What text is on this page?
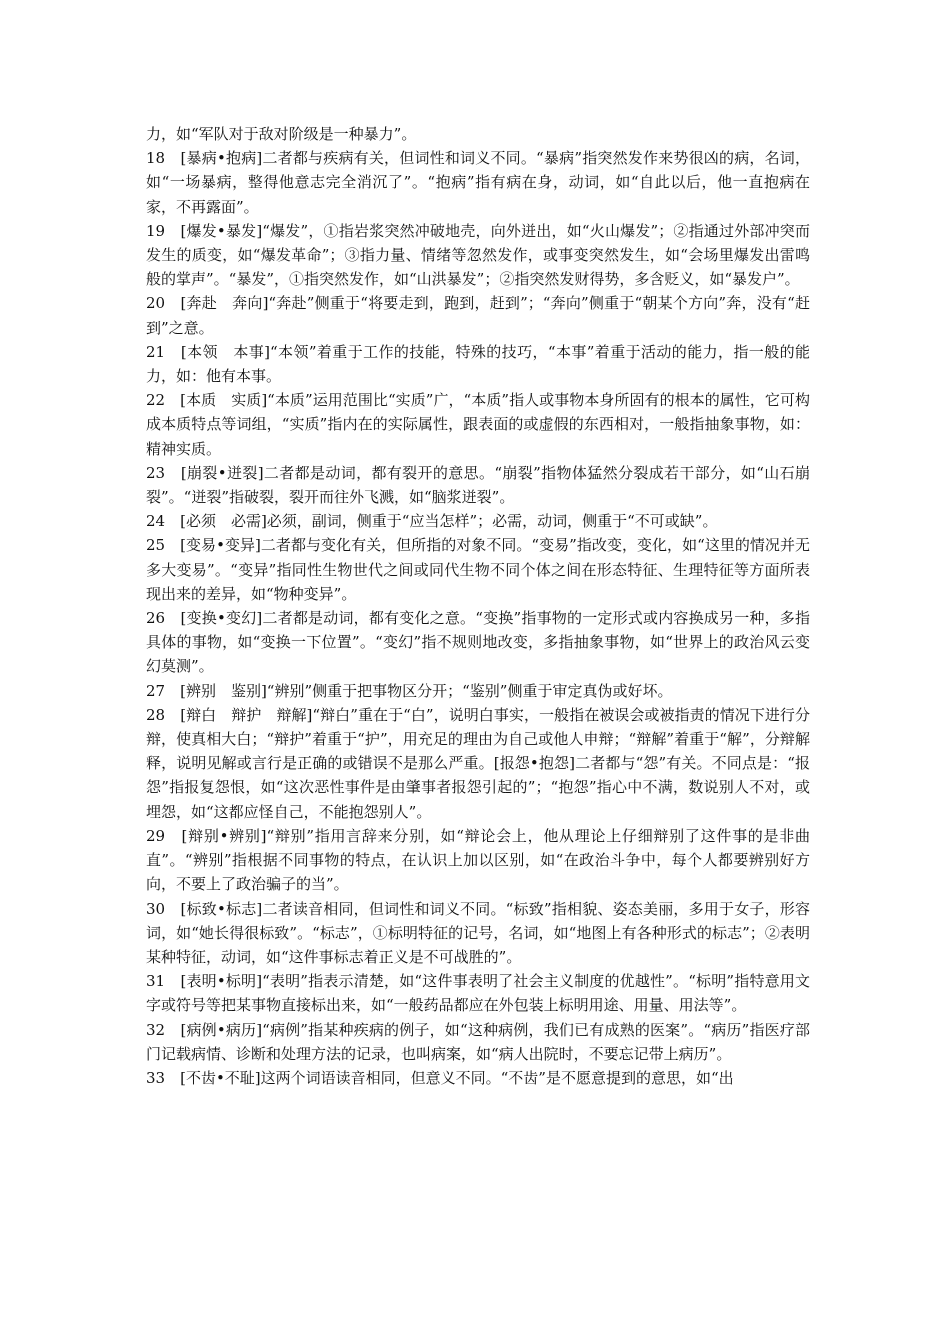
力，如“军队对于敌对阶级是一种暴力”。

18　[暴病•抱病]二者都与疾病有关，但词性和词义不同。“暴病”指突然发作来势很凶的病，名词，如“一场暴病，整得他意志完全消沉了”。“抱病”指有病在身，动词，如“自此以后，他一直抱病在家，不再露面”。

19　[爆发•暴发]“爆发”，①指岩浆突然冲破地壳，向外迸出，如“火山爆发”；②指通过外部冲突而发生的质变，如“爆发革命”；③指力量、情绪等忽然发作，或事变突然发生，如“会场里爆发出雷鸣般的掌声”。“暴发”，①指突然发作，如“山洪暴发”；②指突然发财得势，多含贬义，如“暴发户”。

20　[奔赴　奔向]“奔赴”侧重于“将要走到，跑到，赶到”；“奔向”侧重于“朝某个方向”奔，没有“赶到”之意。

21　[本领　本事]“本领”着重于工作的技能，特殊的技巧，“本事”着重于活动的能力，指一般的能力，如：他有本事。

22　[本质　实质]“本质”运用范围比“实质”广，“本质”指人或事物本身所固有的根本的属性，它可构成本质特点等词组，“实质”指内在的实际属性，跟表面的或虚假的东西相对，一般指抽象事物，如：精神实质。

23　[崩裂•迸裂]二者都是动词，都有裂开的意思。“崩裂”指物体猛然分裂成若干部分，如“山石崩裂”。“迸裂”指破裂，裂开而往外飞溅，如“脑浆迸裂”。

24　[必须　必需]必须，副词，侧重于“应当怎样”；必需，动词，侧重于“不可或缺”。

25　[变易•变异]二者都与变化有关，但所指的对象不同。“变易”指改变，变化，如“这里的情况并无多大变易”。“变异”指同性生物世代之间或同代生物不同个体之间在形态特征、生理特征等方面所表现出来的差异，如“物种变异”。

26　[变换•变幻]二者都是动词，都有变化之意。“变换”指事物的一定形式或内容换成另一种，多指具体的事物，如“变换一下位置”。“变幻”指不规则地改变，多指抽象事物，如“世界上的政治风云变幻莫测”。

27　[辨别　鉴别]“辨别”侧重于把事物区分开；“鉴别”侧重于审定真伪或好坏。

28　[辩白　辩护　辩解]“辩白”重在于“白”，说明白事实，一般指在被误会或被指责的情况下进行分辩，使真相大白；“辩护”着重于“护”，用充足的理由为自己或他人申辩；“辩解”着重于“解”，分辩解释，说明见解或言行是正确的或错误不是那么严重。[报怨•抱怨]二者都与“怨”有关。不同点是：“报怨”指报复怨恨，如“这次恶性事件是由肇事者报怨引起的”；“抱怨”指心中不满，数说别人不对，或埋怨，如“这都应怪自己，不能抱怨别人”。

29　[辩别•辨别]“辩别”指用言辞来分别，如“辩论会上，他从理论上仔细辩别了这件事的是非曲直”。“辨别”指根据不同事物的特点，在认识上加以区别，如“在政治斗争中，每个人都要辨别好方向，不要上了政治骗子的当”。

30　[标致•标志]二者读音相同，但词性和词义不同。“标致”指相貌、姿态美丽，多用于女子，形容词，如“她长得很标致”。“标志”，①标明特征的记号，名词，如“地图上有各种形式的标志”；②表明某种特征，动词，如“这件事标志着正义是不可战胜的”。

31　[表明•标明]“表明”指表示清楚，如“这件事表明了社会主义制度的优越性”。“标明”指特意用文字或符号等把某事物直接标出来，如“一般药品都应在外包装上标明用途、用量、用法等”。

32　[病例•病历]“病例”指某种疾病的例子，如“这种病例，我们已有成熟的医案”。“病历”指医疗部门记载病情、诊断和处理方法的记录，也叫病案，如“病人出院时，不要忘记带上病历”。

33　[不齿•不耻]这两个词语读音相同，但意义不同。“不齿”是不愿意提到的意思，如“出
